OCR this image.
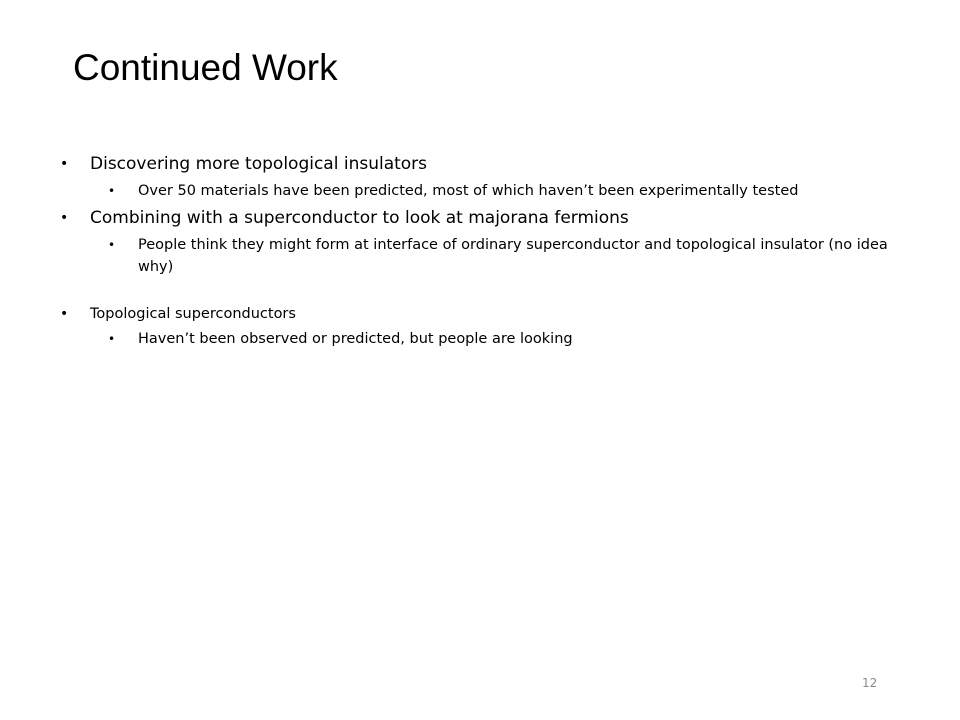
Continued Work
• Discovering more topological insulators
• Over 50 materials have been predicted, most of which haven’t been experimentally tested
• Combining with a superconductor to look at majorana fermions
• People think they might form at interface of ordinary superconductor and topological insulator (no idea why)
• Topological superconductors
• Haven’t been observed or predicted, but people are looking
12
